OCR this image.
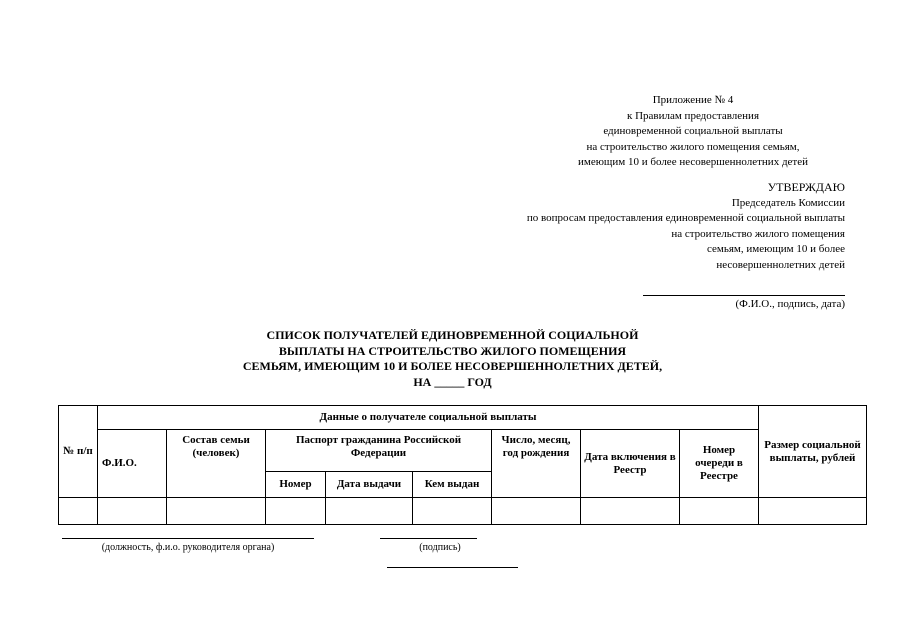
Приложение № 4
к Правилам предоставления
единовременной социальной выплаты
на строительство жилого помещения семьям,
имеющим 10 и более несовершеннолетних детей
УТВЕРЖДАЮ
Председатель Комиссии
по вопросам предоставления единовременной социальной выплаты
на строительство жилого помещения
семьям, имеющим 10 и более
несовершеннолетних детей
(Ф.И.О., подпись, дата)
СПИСОК ПОЛУЧАТЕЛЕЙ ЕДИНОВРЕМЕННОЙ СОЦИАЛЬНОЙ
ВЫПЛАТЫ НА СТРОИТЕЛЬСТВО ЖИЛОГО ПОМЕЩЕНИЯ
СЕМЬЯМ, ИМЕЮЩИМ 10 И БОЛЕЕ НЕСОВЕРШЕННОЛЕТНИХ ДЕТЕЙ,
НА _____ ГОД
№ п/п	Данные о получателе социальной выплаты								Размер социальной выплаты, рублей
	Ф.И.О.	Состав семьи (человек)	Паспорт гражданина Российской Федерации			Число, месяц, год рождения	Дата включения в Реестр	Номер очереди в Реестре	
			Номер	Дата выдачи	Кем выдан				

(должность, ф.и.о. руководителя органа)	(подпись)
